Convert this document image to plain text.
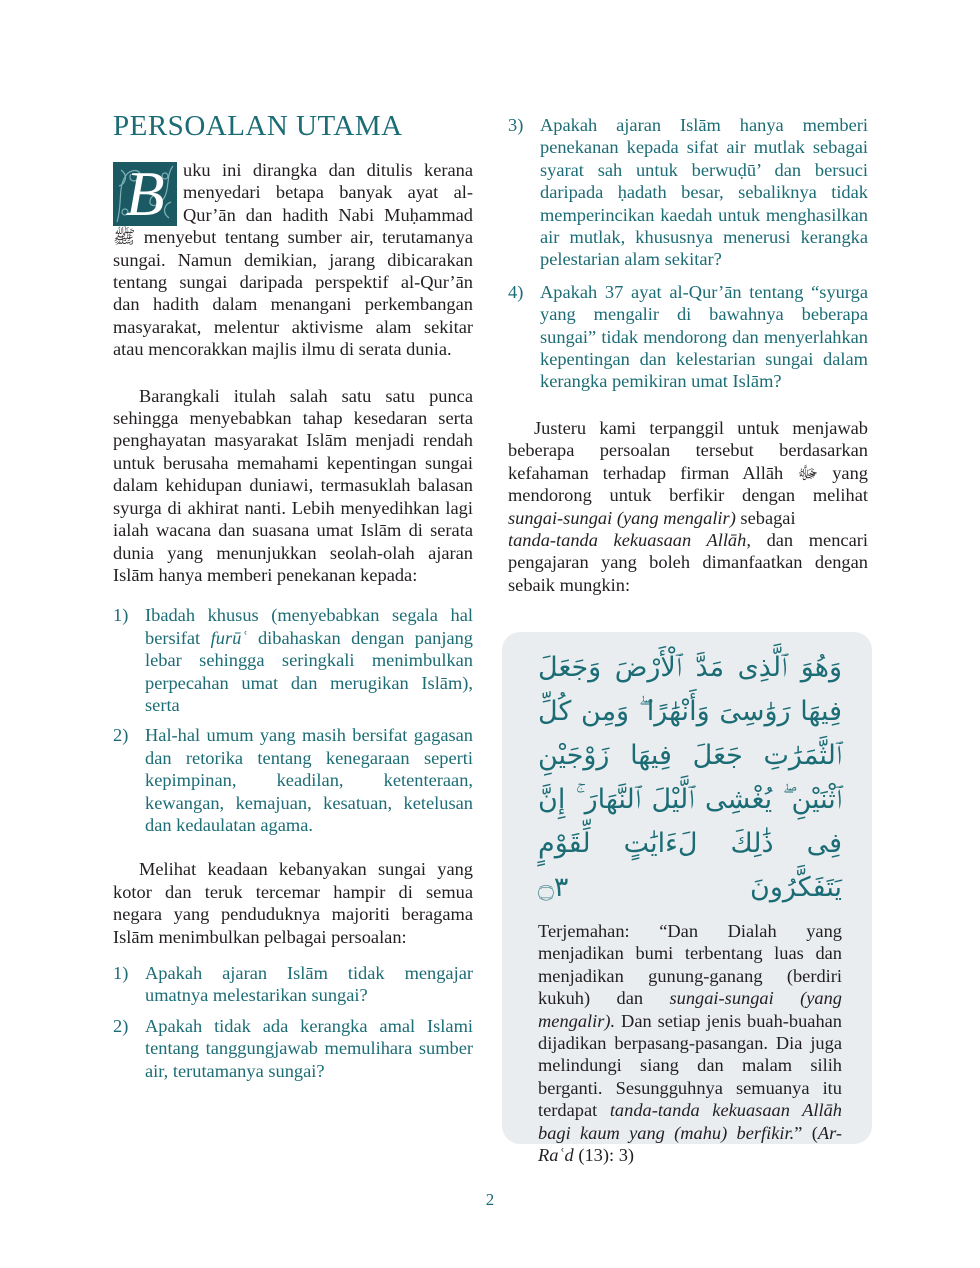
PERSOALAN UTAMA

B	uku ini dirangka dan ditulis kerana menyedari betapa banyak ayat al-Qur’ān dan hadith Nabi Muḥammad ﷺ menyebut tentang sumber air, terutamanya sungai. Namun demikian, jarang dibicarakan tentang sungai daripada perspektif al-Qur’ān dan hadith dalam menangani perkembangan masyarakat, melentur aktivisme alam sekitar atau mencorakkan majlis ilmu di serata dunia.

Barangkali itulah salah satu satu punca sehingga menyebabkan tahap kesedaran serta penghayatan masyarakat Islām menjadi rendah untuk berusaha memahami kepentingan sungai dalam kehidupan duniawi, termasuklah balasan syurga di akhirat nanti. Lebih menyedihkan lagi ialah wacana dan suasana umat Islām di serata dunia yang menunjukkan seolah-olah ajaran Islām hanya memberi penekanan kepada:

1) Ibadah khusus (menyebabkan segala hal bersifat furūʿ dibahaskan dengan panjang lebar sehingga seringkali menimbulkan perpecahan umat dan merugikan Islām), serta
2) Hal-hal umum yang masih bersifat gagasan dan retorika tentang kenegaraan seperti kepimpinan, keadilan, ketenteraan, kewangan, kemajuan, kesatuan, ketelusan dan kedaulatan agama.

Melihat keadaan kebanyakan sungai yang kotor dan teruk tercemar hampir di semua negara yang penduduknya majoriti beragama Islām menimbulkan pelbagai persoalan:

1) Apakah ajaran Islām tidak mengajar umatnya melestarikan sungai?
2) Apakah tidak ada kerangka amal Islami tentang tanggungjawab memulihara sumber air, terutamanya sungai?
3) Apakah ajaran Islām hanya memberi penekanan kepada sifat air mutlak sebagai syarat sah untuk berwuḍū’ dan bersuci daripada ḥadath besar, sebaliknya tidak memperincikan kaedah untuk menghasilkan air mutlak, khususnya menerusi kerangka pelestarian alam sekitar?
4) Apakah 37 ayat al-Qur’ān tentang “syurga yang mengalir di bawahnya beberapa sungai” tidak mendorong dan menyerlahkan kepentingan dan kelestarian sungai dalam kerangka pemikiran umat Islām?

Justeru kami terpanggil untuk menjawab beberapa persoalan tersebut berdasarkan kefahaman terhadap firman Allāh ﷻ yang mendorong untuk berfikir dengan melihat sungai-sungai (yang mengalir) sebagai
tanda-tanda kekuasaan Allāh, dan mencari pengajaran yang boleh dimanfaatkan dengan sebaik mungkin:

وَهُوَ ٱلَّذِى مَدَّ ٱلْأَرْضَ وَجَعَلَ فِيهَا رَوَٰسِىَ وَأَنْهَٰرًا ۖ وَمِن كُلِّ ٱلثَّمَرَٰتِ جَعَلَ فِيهَا زَوْجَيْنِ ٱثْنَيْنِ ۖ يُغْشِى ٱلَّيْلَ ٱلنَّهَارَ ۚ إِنَّ فِى ذَٰلِكَ لَءَايَٰتٍ لِّقَوْمٍ يَتَفَكَّرُونَ ۝٣

Terjemahan: “Dan Dialah yang menjadikan bumi terbentang luas dan menjadikan gunung-ganang (berdiri kukuh) dan sungai-sungai (yang mengalir). Dan setiap jenis buah-buahan dijadikan berpasang-pasangan. Dia juga melindungi siang dan malam silih berganti. Sesungguhnya semuanya itu terdapat tanda-tanda kekuasaan Allāh bagi kaum yang (mahu) berfikir.” (Ar-Raʿd (13): 3)

2
